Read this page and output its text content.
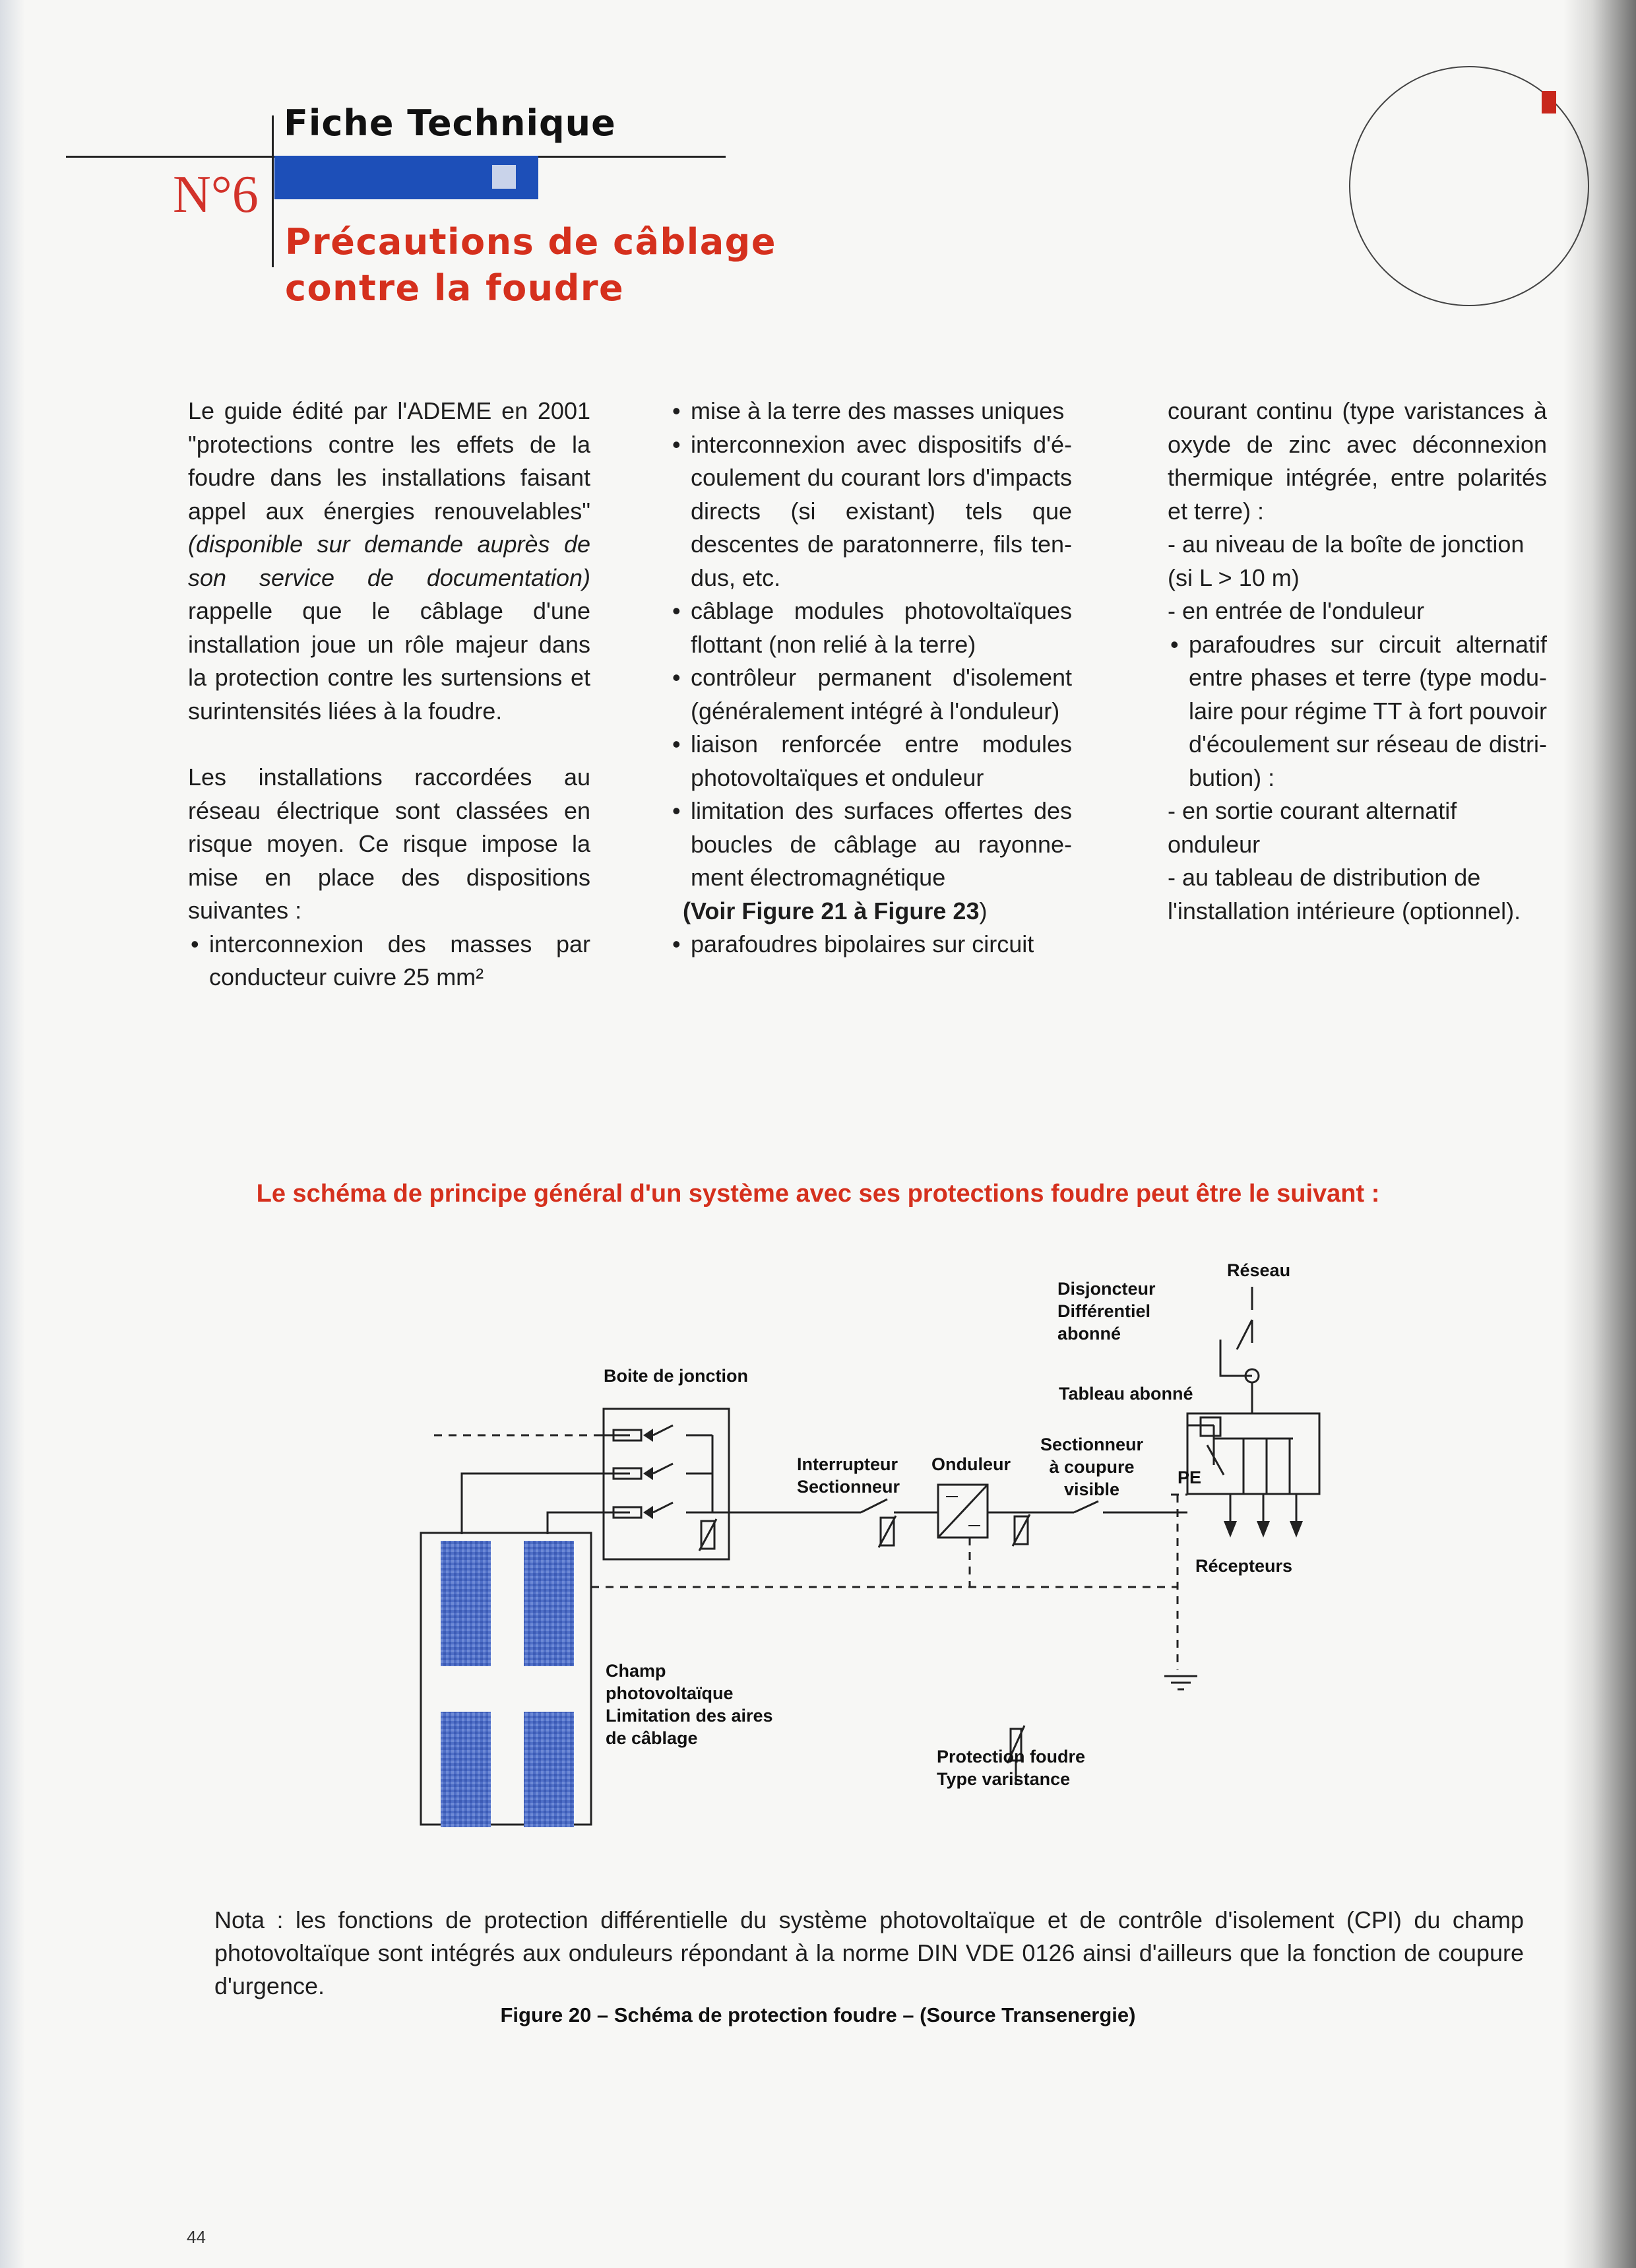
Fiche Technique
N°6
Précautions de câblage
contre la foudre

Le guide édité par l'ADEME en 2001 "protections contre les effets de la foudre dans les installations faisant appel aux énergies renouvelables" (disponible sur demande auprès de son service de documentation) rappelle que le câblage d'une installation joue un rôle majeur dans la protection contre les surtensions et surintensités liées à la foudre.

Les installations raccordées au réseau électrique sont classées en risque moyen. Ce risque impose la mise en place des dispositions suivantes :

• interconnexion des masses par conducteur cuivre 25 mm²

• mise à la terre des masses uniques

• interconnexion avec dispositifs d'écoulement du courant lors d'impacts directs (si existant) tels que descentes de paratonnerre, fils tendus, etc.

• câblage modules photovoltaïques flottant (non relié à la terre)

• contrôleur permanent d'isolement (généralement intégré à l'onduleur)

• liaison renforcée entre modules photovoltaïques et onduleur

• limitation des surfaces offertes des boucles de câblage au rayonnement électromagnétique

(Voir Figure 21 à Figure 23)

• parafoudres bipolaires sur circuit

courant continu (type varistances à oxyde de zinc avec déconnexion thermique intégrée, entre polarités et terre) :

- au niveau de la boîte de jonction (si L > 10 m)

- en entrée de l'onduleur

• parafoudres sur circuit alternatif entre phases et terre (type modulaire pour régime TT à fort pouvoir d'écoulement sur réseau de distribution) :

- en sortie courant alternatif onduleur

- au tableau de distribution de l'installation intérieure (optionnel).

Le schéma de principe général d'un système avec ses protections foudre peut être le suivant :
Réseau
Disjoncteur
Différentiel
abonné
Tableau abonné
Boite de jonction
Interrupteur
Sectionneur
Onduleur
Sectionneur
à coupure
visible
PE
Récepteurs
Champ
photovoltaïque
Limitation des aires
de câblage
Protection foudre
Type varistance
Nota : les fonctions de protection différentielle du système photovoltaïque et de contrôle d'isolement (CPI) du champ photovoltaïque sont intégrés aux onduleurs répondant à la norme DIN VDE 0126 ainsi d'ailleurs que la fonction de coupure d'urgence.
Figure 20 – Schéma de protection foudre – (Source Transenergie)
44
